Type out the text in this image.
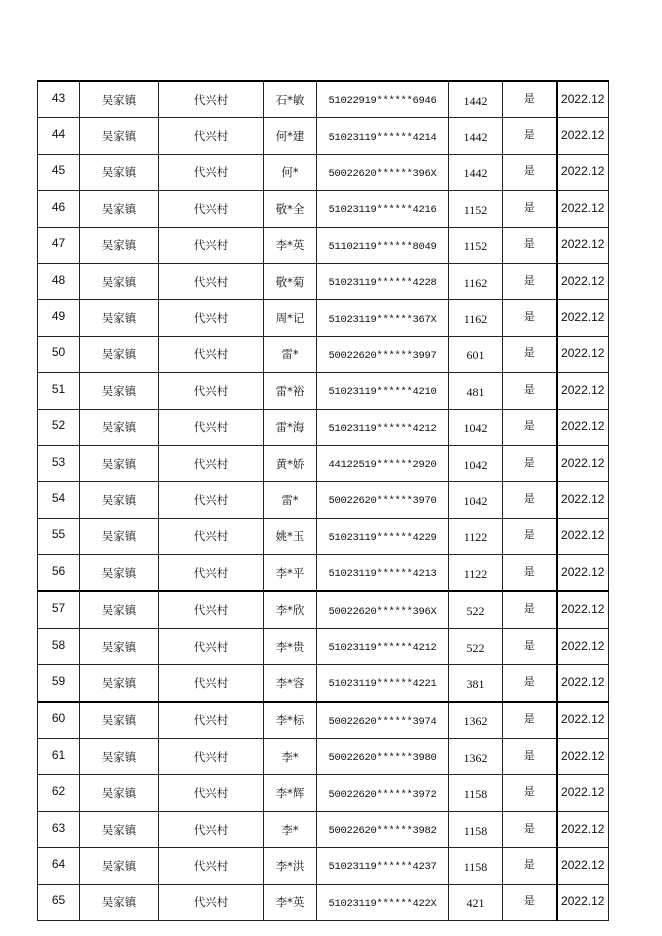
43	吴家镇	代兴村	石*敏	51022919******6946	1442	是	2022.12
44	吴家镇	代兴村	何*建	51023119******4214	1442	是	2022.12
45	吴家镇	代兴村	何*	50022620******396X	1442	是	2022.12
46	吴家镇	代兴村	敬*全	51023119******4216	1152	是	2022.12
47	吴家镇	代兴村	李*英	51102119******8049	1152	是	2022.12
48	吴家镇	代兴村	敬*菊	51023119******4228	1162	是	2022.12
49	吴家镇	代兴村	周*记	51023119******367X	1162	是	2022.12
50	吴家镇	代兴村	雷*	50022620******3997	601	是	2022.12
51	吴家镇	代兴村	雷*裕	51023119******4210	481	是	2022.12
52	吴家镇	代兴村	雷*海	51023119******4212	1042	是	2022.12
53	吴家镇	代兴村	黄*娇	44122519******2920	1042	是	2022.12
54	吴家镇	代兴村	雷*	50022620******3970	1042	是	2022.12
55	吴家镇	代兴村	姚*玉	51023119******4229	1122	是	2022.12
56	吴家镇	代兴村	李*平	51023119******4213	1122	是	2022.12
57	吴家镇	代兴村	李*欣	50022620******396X	522	是	2022.12
58	吴家镇	代兴村	李*贵	51023119******4212	522	是	2022.12
59	吴家镇	代兴村	李*容	51023119******4221	381	是	2022.12
60	吴家镇	代兴村	李*标	50022620******3974	1362	是	2022.12
61	吴家镇	代兴村	李*	50022620******3980	1362	是	2022.12
62	吴家镇	代兴村	李*辉	50022620******3972	1158	是	2022.12
63	吴家镇	代兴村	李*	50022620******3982	1158	是	2022.12
64	吴家镇	代兴村	李*洪	51023119******4237	1158	是	2022.12
65	吴家镇	代兴村	李*英	51023119******422X	421	是	2022.12
